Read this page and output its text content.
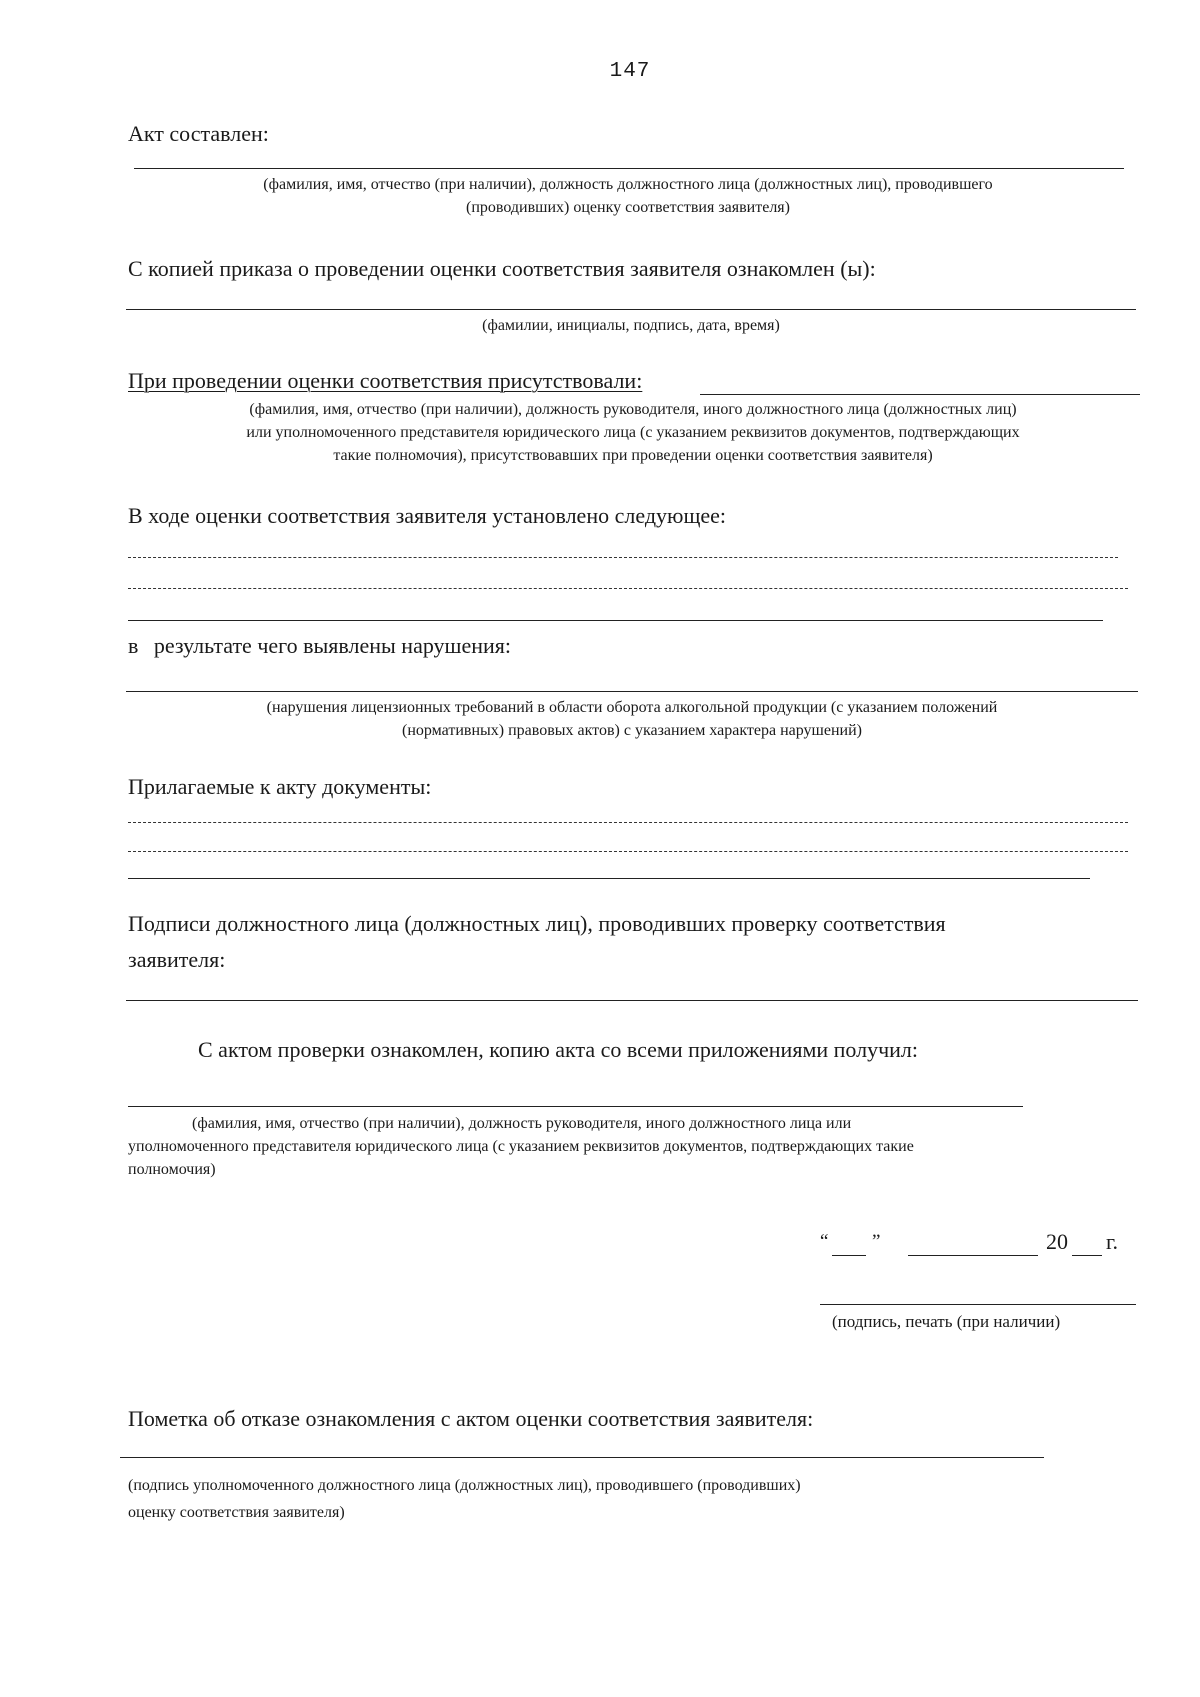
147
Акт составлен:
(фамилия, имя, отчество (при наличии), должность должностного лица (должностных лиц), проводившего
(проводивших) оценку соответствия заявителя)
С копией приказа о проведении оценки соответствия заявителя ознакомлен (ы):
(фамилии, инициалы, подпись, дата, время)
При проведении оценки соответствия присутствовали:
(фамилия, имя, отчество (при наличии), должность руководителя, иного должностного лица (должностных лиц)
или уполномоченного представителя юридического лица (с указанием реквизитов документов, подтверждающих
такие полномочия), присутствовавших при проведении оценки соответствия заявителя)
В ходе оценки соответствия заявителя установлено следующее:
в результате чего выявлены нарушения:
(нарушения лицензионных требований в области оборота алкогольной продукции (с указанием положений
(нормативных) правовых актов) с указанием характера нарушений)
Прилагаемые к акту документы:
Подписи должностного лица (должностных лиц), проводивших проверку соответствия
заявителя:
С актом проверки ознакомлен, копию акта со всеми приложениями получил:
(фамилия, имя, отчество (при наличии), должность руководителя, иного должностного лица или
уполномоченного представителя юридического лица (с указанием реквизитов документов, подтверждающих такие
полномочия)
“ ”	20 г.
(подпись, печать (при наличии)
Пометка об отказе ознакомления с актом оценки соответствия заявителя:
(подпись уполномоченного должностного лица (должностных лиц), проводившего (проводивших)
оценку соответствия заявителя)
